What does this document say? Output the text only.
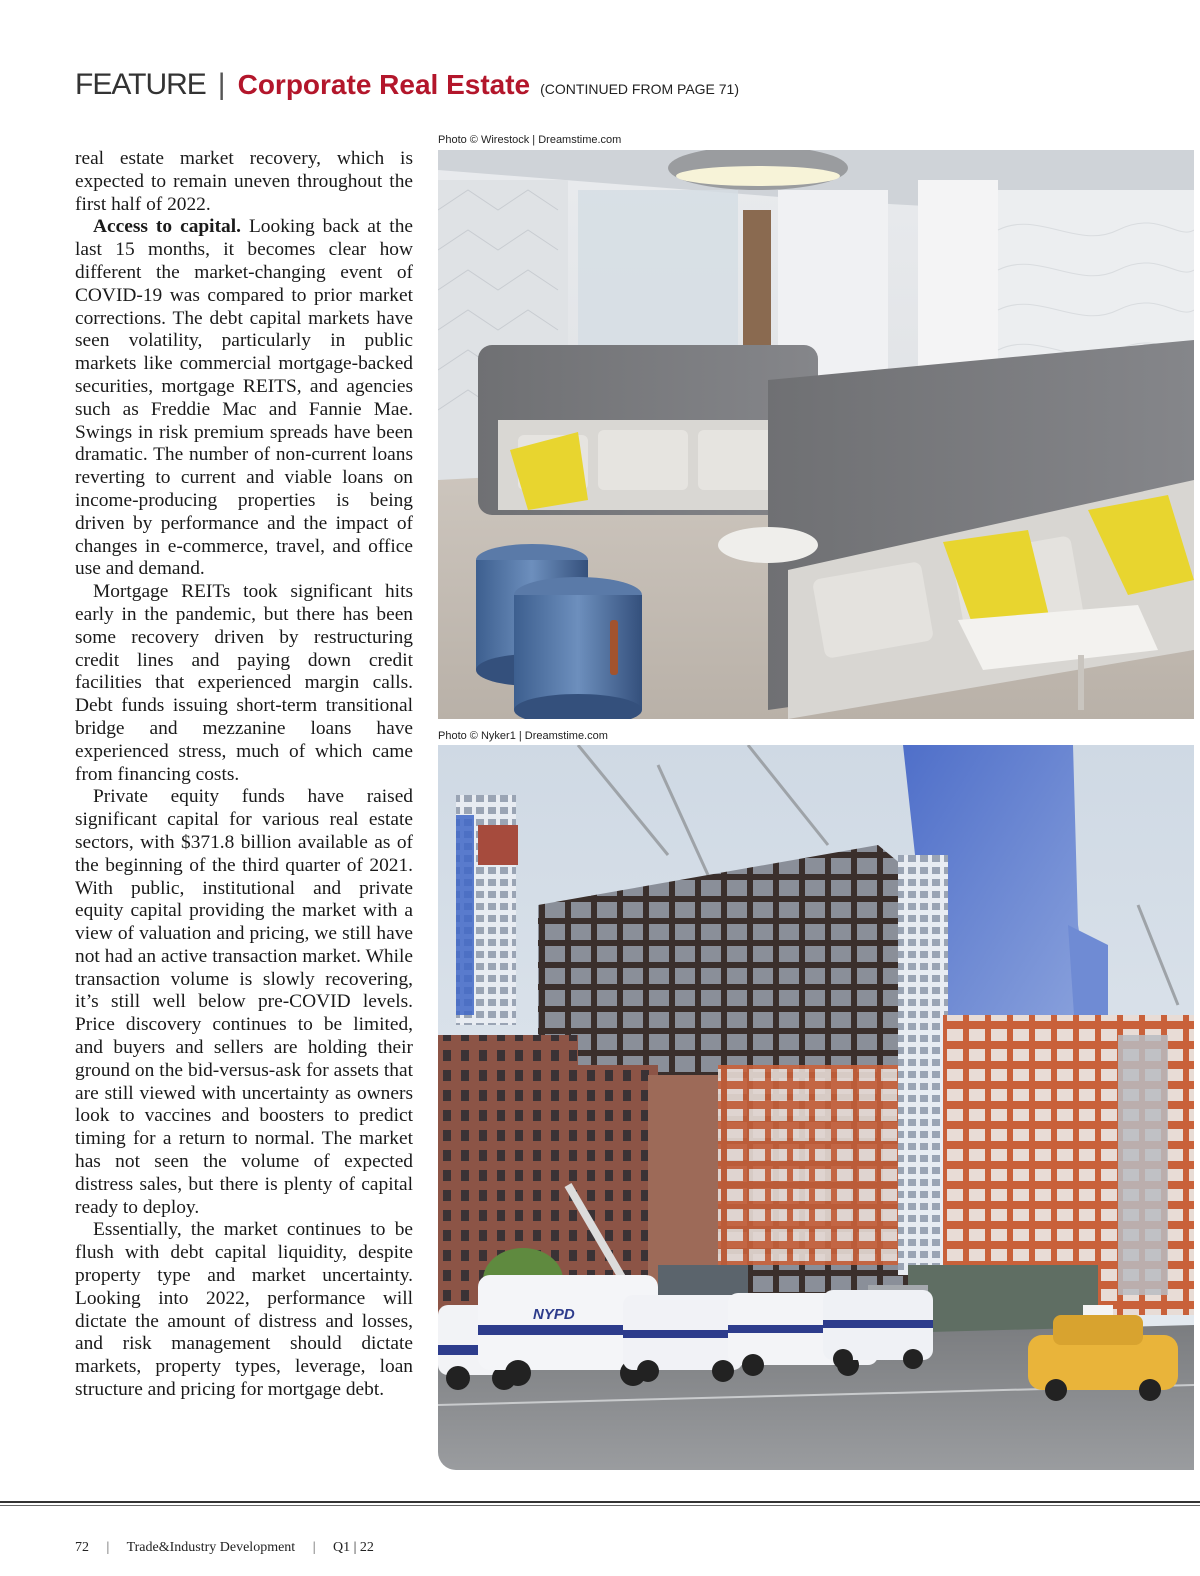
FEATURE | Corporate Real Estate (CONTINUED FROM PAGE 71)

real estate market recovery, which is expected to remain uneven throughout the first half of 2022.

Access to capital. Looking back at the last 15 months, it becomes clear how different the market-changing event of COVID-19 was compared to prior market corrections. The debt capital markets have seen volatility, particularly in public markets like commercial mortgage-backed securities, mortgage REITS, and agencies such as Freddie Mac and Fannie Mae. Swings in risk premium spreads have been dramatic. The number of non-current loans reverting to current and viable loans on income-producing properties is being driven by performance and the impact of changes in e-commerce, travel, and office use and demand.

Mortgage REITs took significant hits early in the pandemic, but there has been some recovery driven by restructuring credit lines and paying down credit facilities that experienced margin calls. Debt funds issuing short-term transitional bridge and mezzanine loans have experienced stress, much of which came from financing costs.

Private equity funds have raised significant capital for various real estate sectors, with $371.8 billion available as of the beginning of the third quarter of 2021. With public, institutional and private equity capital providing the market with a view of valuation and pricing, we still have not had an active transaction market. While transaction volume is slowly recovering, it’s still well below pre-COVID levels. Price discovery continues to be limited, and buyers and sellers are holding their ground on the bid-versus-ask for assets that are still viewed with uncertainty as owners look to vaccines and boosters to predict timing for a return to normal. The market has not seen the volume of expected distress sales, but there is plenty of capital ready to deploy.

Essentially, the market continues to be flush with debt capital liquidity, despite property type and market uncertainty. Looking into 2022, performance will dictate the amount of distress and losses, and risk management should dictate markets, property types, leverage, loan structure and pricing for mortgage debt.

Photo © Wirestock | Dreamstime.com
Photo © Nyker1 | Dreamstime.com
NYPD
72 | Trade&Industry Development | Q1 | 22
